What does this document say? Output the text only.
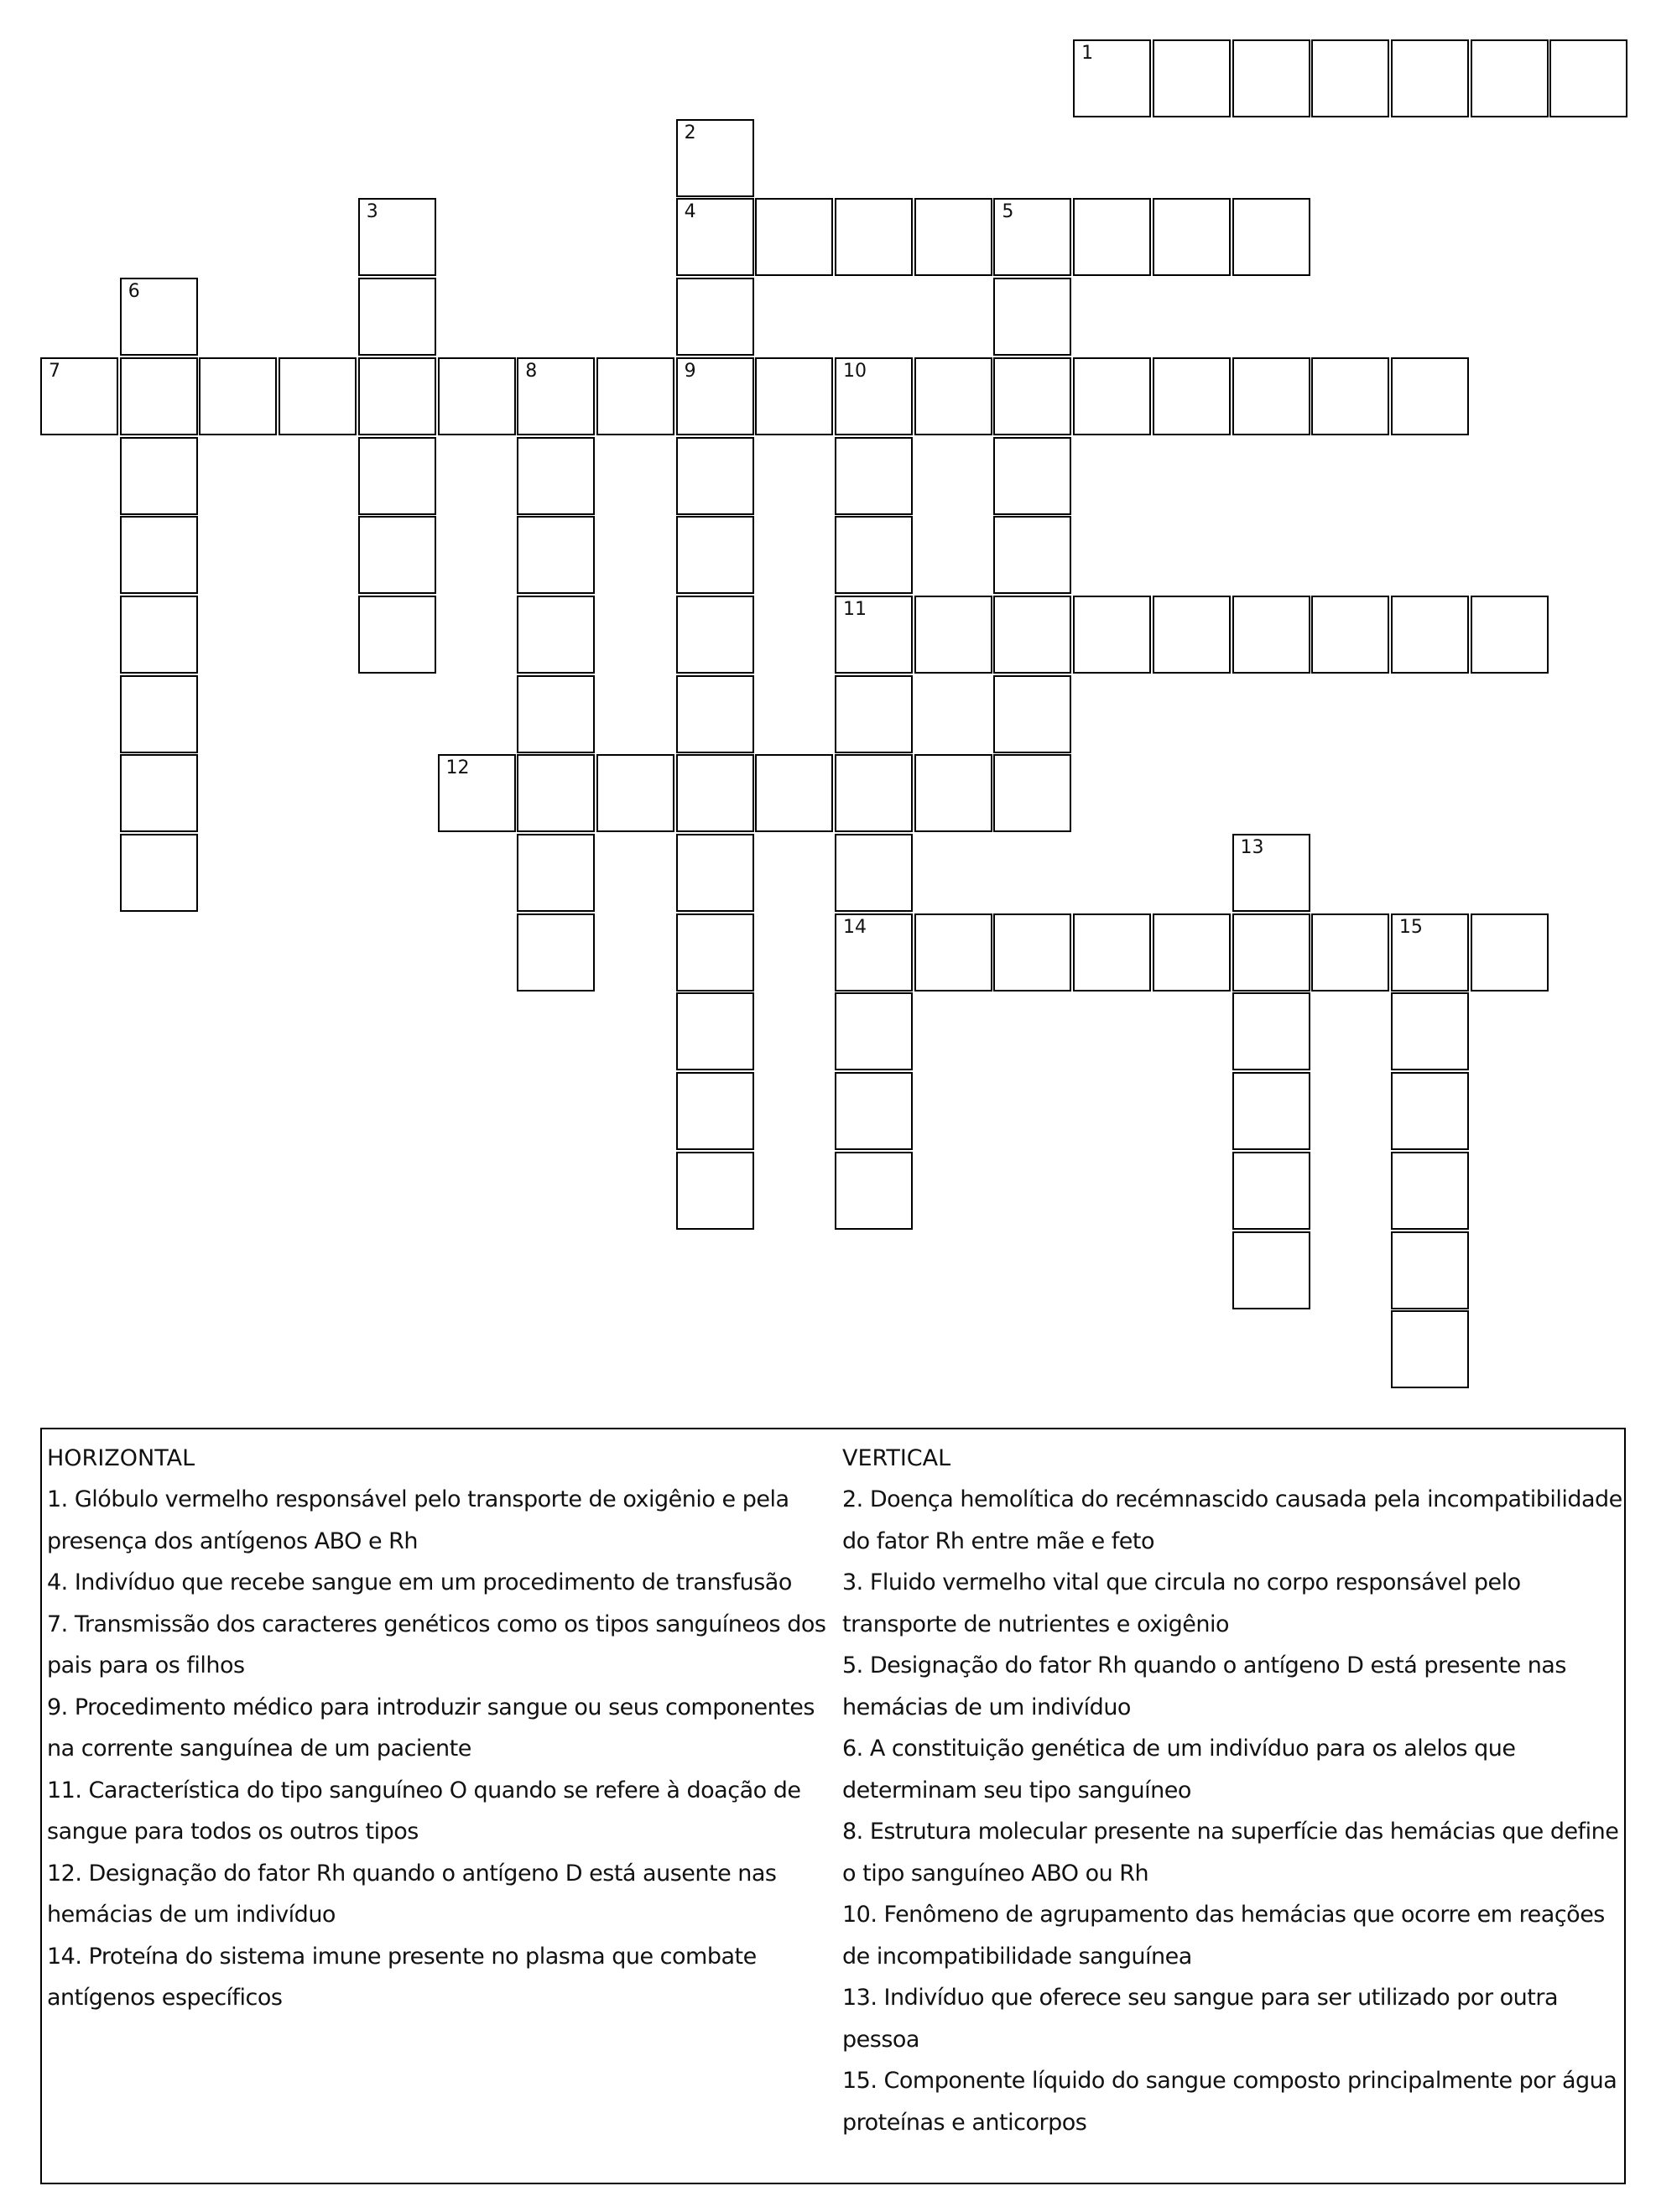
1
2
4
9
3	5
6
7	8	10
11
14
12
13
15
HORIZONTAL
1. Glóbulo vermelho responsável pelo transporte de oxigênio e pela presença dos antígenos ABO e Rh
4. Indivíduo que recebe sangue em um procedimento de transfusão
7. Transmissão dos caracteres genéticos como os tipos sanguíneos dos pais para os filhos
9. Procedimento médico para introduzir sangue ou seus componentes na corrente sanguínea de um paciente
11. Característica do tipo sanguíneo O quando se refere à doação de sangue para todos os outros tipos
12. Designação do fator Rh quando o antígeno D está ausente nas hemácias de um indivíduo
14. Proteína do sistema imune presente no plasma que combate antígenos específicos
VERTICAL
2. Doença hemolítica do recémnascido causada pela incompatibilidade do fator Rh entre mãe e feto
3. Fluido vermelho vital que circula no corpo responsável pelo transporte de nutrientes e oxigênio
5. Designação do fator Rh quando o antígeno D está presente nas hemácias de um indivíduo
6. A constituição genética de um indivíduo para os alelos que determinam seu tipo sanguíneo
8. Estrutura molecular presente na superfície das hemácias que define o tipo sanguíneo ABO ou Rh
10. Fenômeno de agrupamento das hemácias que ocorre em reações de incompatibilidade sanguínea
13. Indivíduo que oferece seu sangue para ser utilizado por outra pessoa
15. Componente líquido do sangue composto principalmente por água proteínas e anticorpos
